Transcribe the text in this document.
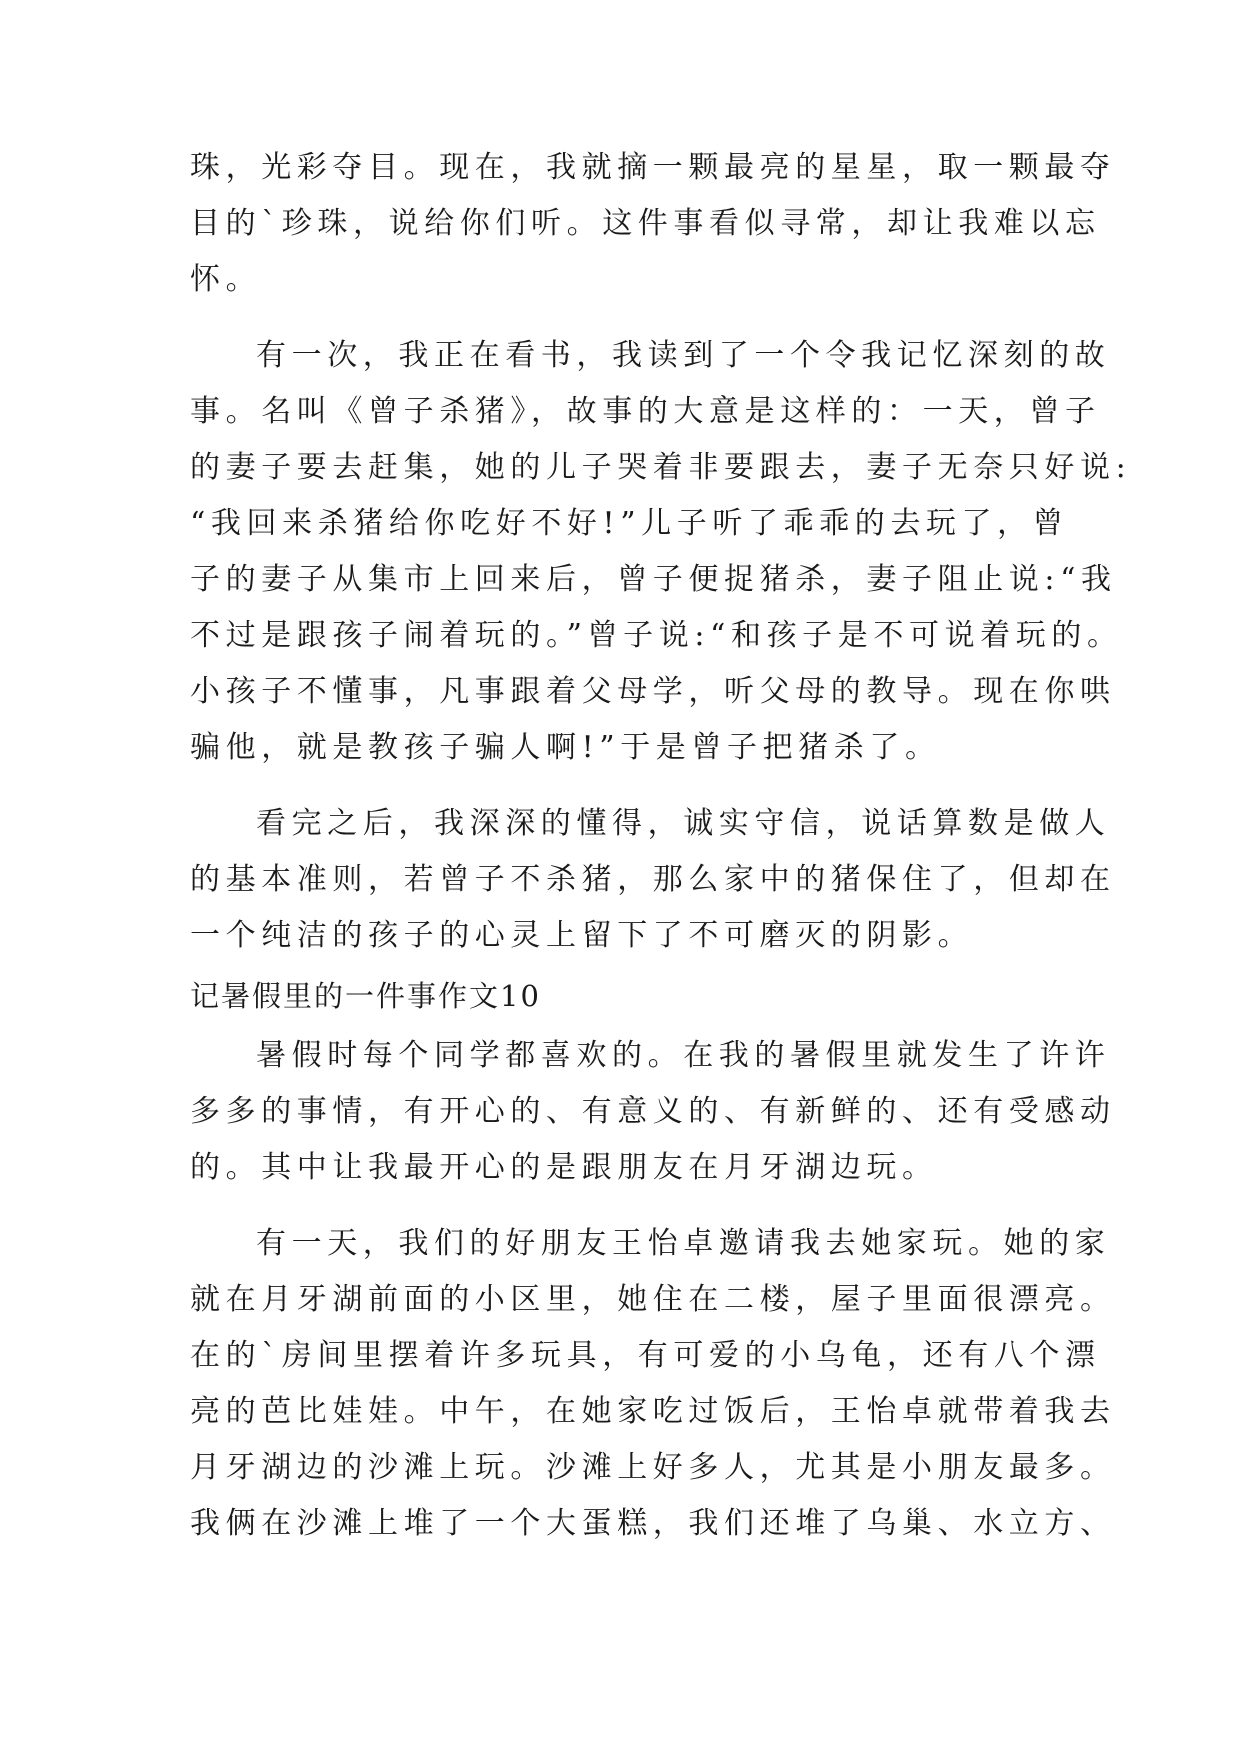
珠，光彩夺目。现在，我就摘一颗最亮的星星，取一颗最夺
目的`珍珠，说给你们听。这件事看似寻常，却让我难以忘
怀。
有一次，我正在看书，我读到了一个令我记忆深刻的故
事。名叫《曾子杀猪》，故事的大意是这样的：一天，曾子
的妻子要去赶集，她的儿子哭着非要跟去，妻子无奈只好说:
“我回来杀猪给你吃好不好!”儿子听了乖乖的去玩了，曾
子的妻子从集市上回来后，曾子便捉猪杀，妻子阻止说:“我
不过是跟孩子闹着玩的。”曾子说:“和孩子是不可说着玩的。
小孩子不懂事，凡事跟着父母学，听父母的教导。现在你哄
骗他，就是教孩子骗人啊!”于是曾子把猪杀了。
看完之后，我深深的懂得，诚实守信，说话算数是做人
的基本准则，若曾子不杀猪，那么家中的猪保住了，但却在
一个纯洁的孩子的心灵上留下了不可磨灭的阴影。
记暑假里的一件事作文10
暑假时每个同学都喜欢的。在我的暑假里就发生了许许
多多的事情，有开心的、有意义的、有新鲜的、还有受感动
的。其中让我最开心的是跟朋友在月牙湖边玩。
有一天，我们的好朋友王怡卓邀请我去她家玩。她的家
就在月牙湖前面的小区里，她住在二楼，屋子里面很漂亮。
在的`房间里摆着许多玩具，有可爱的小乌龟，还有八个漂
亮的芭比娃娃。中午，在她家吃过饭后，王怡卓就带着我去
月牙湖边的沙滩上玩。沙滩上好多人，尤其是小朋友最多。
我俩在沙滩上堆了一个大蛋糕，我们还堆了乌巢、水立方、
